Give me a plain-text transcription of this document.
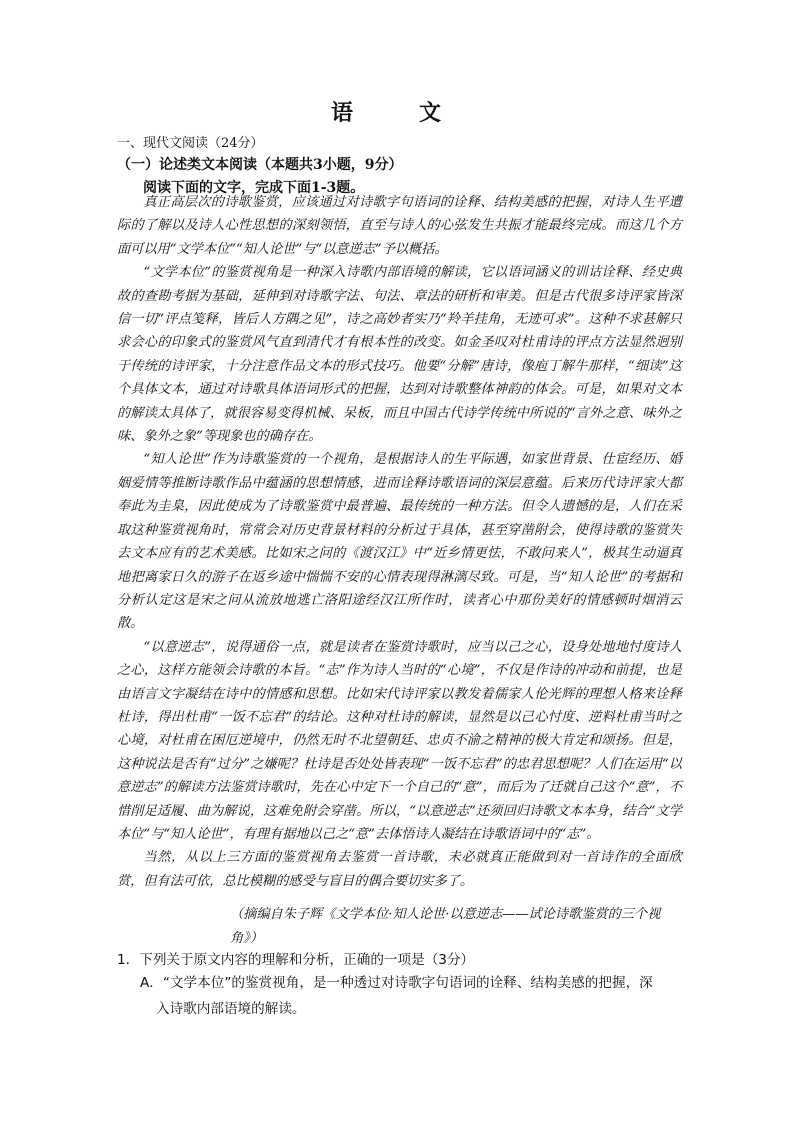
语　文
一、现代文阅读（24分）
（一）论述类文本阅读（本题共3小题，9分）
阅读下面的文字，完成下面1-3题。

真正高层次的诗歌鉴赏，应该通过对诗歌字句语词的诠释、结构美感的把握，对诗人生平遭际的了解以及诗人心性思想的深刻领悟，直至与诗人的心弦发生共振才能最终完成。而这几个方面可以用“文学本位”“知人论世”与“以意逆志”予以概括。

“文学本位”的鉴赏视角是一种深入诗歌内部语境的解读，它以语词涵义的训诂诠释、经史典故的查勘考据为基础，延伸到对诗歌字法、句法、章法的研析和审美。但是古代很多诗评家皆深信一切“评点笺释，皆后人方隅之见”，诗之高妙者实乃“羚羊挂角，无迹可求”。这种不求甚解只求会心的印象式的鉴赏风气直到清代才有根本性的改变。如金圣叹对杜甫诗的评点方法显然迥别于传统的诗评家，十分注意作品文本的形式技巧。他要“分解”唐诗，像庖丁解牛那样，“细读”这个具体文本，通过对诗歌具体语词形式的把握，达到对诗歌整体神韵的体会。可是，如果对文本的解读太具体了，就很容易变得机械、呆板，而且中国古代诗学传统中所说的“言外之意、味外之味、象外之象”等现象也的确存在。

“知人论世”作为诗歌鉴赏的一个视角，是根据诗人的生平际遇，如家世背景、仕宦经历、婚姻爱情等推断诗歌作品中蕴涵的思想情感，进而诠释诗歌语词的深层意蕴。后来历代诗评家大都奉此为圭臬，因此使成为了诗歌鉴赏中最普遍、最传统的一种方法。但令人遗憾的是，人们在采取这种鉴赏视角时，常常会对历史背景材料的分析过于具体，甚至穿凿附会，使得诗歌的鉴赏失去文本应有的艺术美感。比如宋之问的《渡汉江》中“近乡情更怯，不敢问来人”，极其生动逼真地把离家日久的游子在返乡途中惴惴不安的心情表现得淋漓尽致。可是，当“知人论世”的考据和分析认定这是宋之问从流放地逃亡洛阳途经汉江所作时，读者心中那份美好的情感顿时烟消云散。

“以意逆志”，说得通俗一点，就是读者在鉴赏诗歌时，应当以己之心，设身处地地忖度诗人之心，这样方能领会诗歌的本旨。“志”作为诗人当时的“心境”，不仅是作诗的冲动和前提，也是由语言文字凝结在诗中的情感和思想。比如宋代诗评家以教发着儒家人伦光辉的理想人格来诠释杜诗，得出杜甫“一饭不忘君”的结论。这种对杜诗的解读，显然是以己心忖度、逆料杜甫当时之心境，对杜甫在困厄逆境中，仍然无时不北望朝廷、忠贞不渝之精神的极大肯定和颂扬。但是，这种说法是否有“过分”之嫌呢？杜诗是否处处皆表现“一饭不忘君”的忠君思想呢？人们在运用“以意逆志”的解读方法鉴赏诗歌时，先在心中定下一个自己的“意”，而后为了迁就自己这个“意”，不惜削足适履、曲为解说，这难免附会穿凿。所以，“以意逆志”还须回归诗歌文本本身，结合“文学本位”与“知人论世”，有理有据地以己之“意”去体悟诗人凝结在诗歌语词中的“志”。

当然，从以上三方面的鉴赏视角去鉴赏一首诗歌，未必就真正能做到对一首诗作的全面欣赏，但有法可依，总比模糊的感受与盲目的偶合要切实多了。

（摘编自朱子辉《文学本位·知人论世·以意逆志——试论诗歌鉴赏的三个视角》）
1．下列关于原文内容的理解和分析，正确的一项是（3分）
A．“文学本位”的鉴赏视角，是一种透过对诗歌字句语词的诠释、结构美感的把握，深
入诗歌内部语境的解读。
